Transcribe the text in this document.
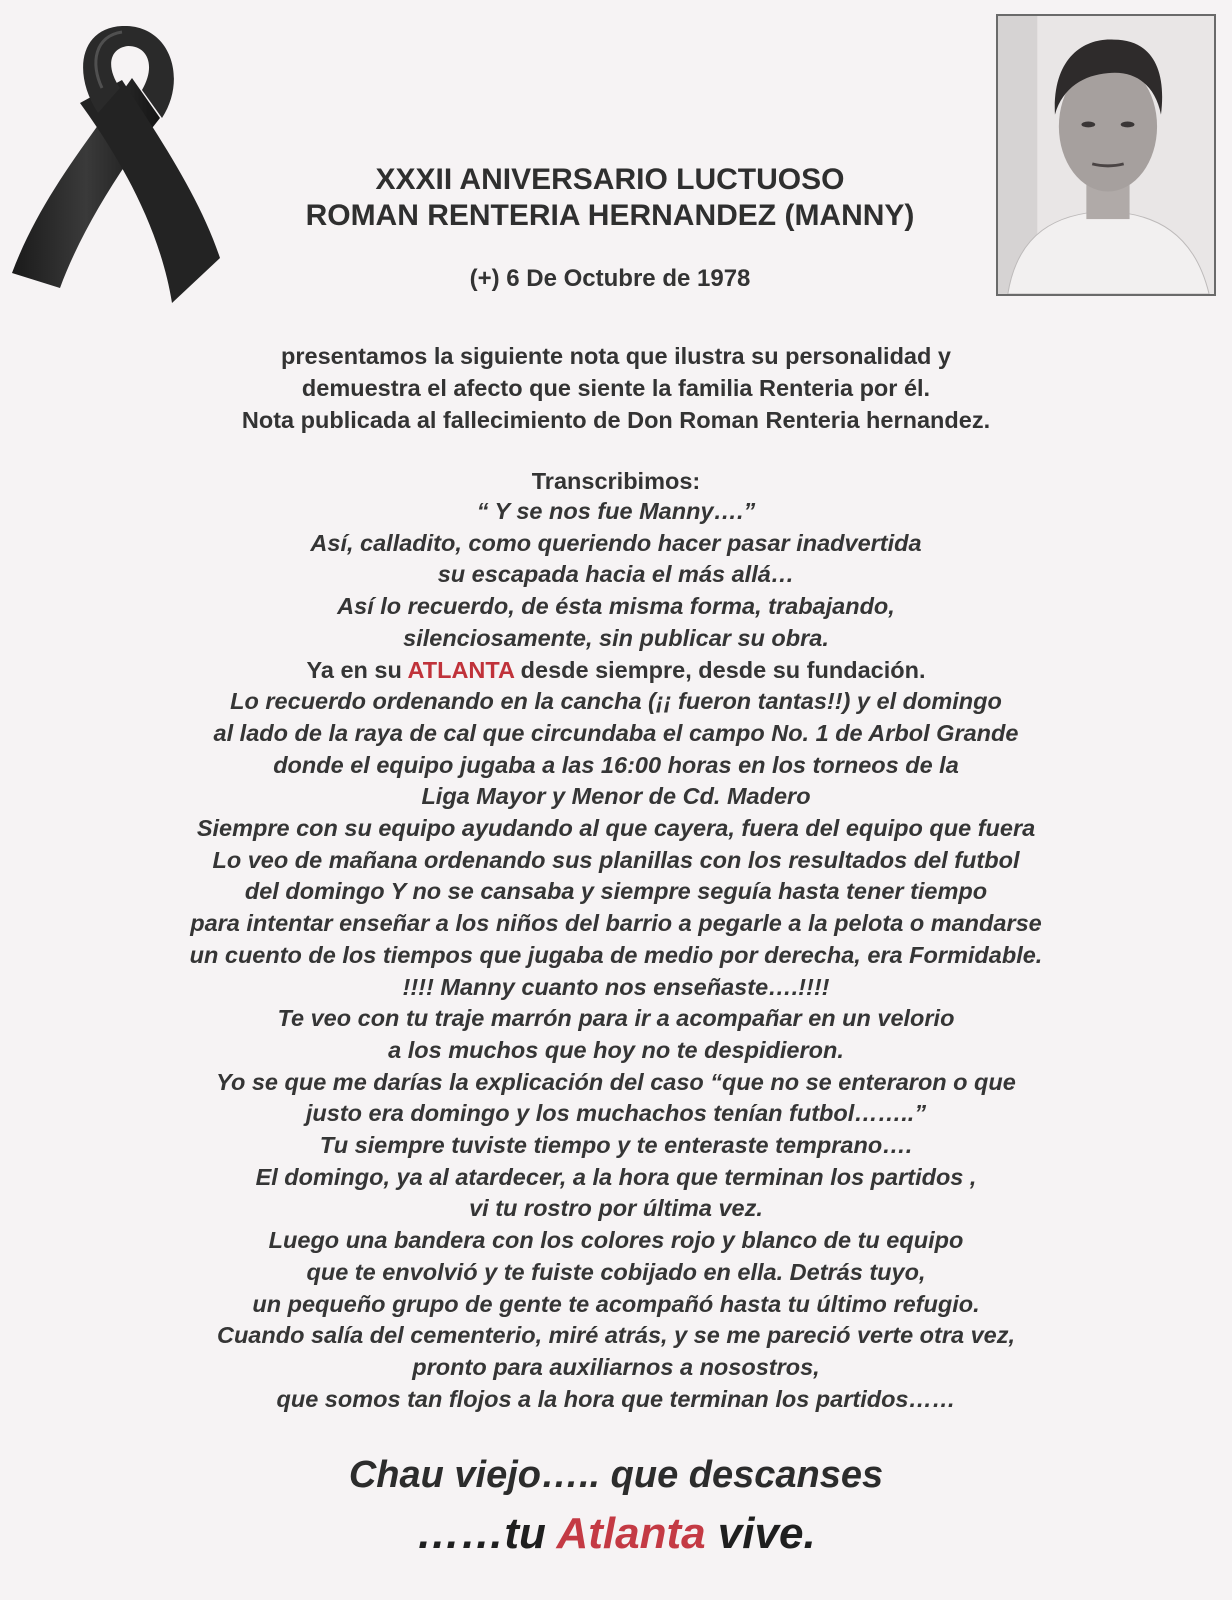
XXXII ANIVERSARIO LUCTUOSO
ROMAN RENTERIA HERNANDEZ (MANNY)
(+) 6 De Octubre de 1978
presentamos la siguiente nota que ilustra su personalidad y
demuestra el afecto que siente la familia Renteria por él.
Nota publicada al fallecimiento de Don Roman Renteria hernandez.
Transcribimos:
“ Y se nos fue Manny….”
Así, calladito, como queriendo hacer pasar inadvertida
su escapada hacia el más allá…
Así lo recuerdo, de ésta misma forma, trabajando,
silenciosamente, sin publicar su obra.
Ya en su ATLANTA desde siempre, desde su fundación.
Lo recuerdo ordenando en la cancha (¡¡ fueron tantas!!) y el domingo
al lado de la raya de cal que circundaba el campo No. 1 de Arbol Grande
donde el equipo jugaba a las 16:00 horas en los torneos de la
Liga Mayor y Menor de Cd. Madero
Siempre con su equipo ayudando al que cayera, fuera del equipo que fuera
Lo veo de mañana ordenando sus planillas con los resultados del futbol
del domingo Y no se cansaba y siempre seguía hasta tener tiempo
para intentar enseñar a los niños del barrio a pegarle a la pelota o mandarse
un cuento de los tiempos que jugaba de medio por derecha, era Formidable.
!!!! Manny cuanto nos enseñaste….!!!!
Te veo con tu traje marrón para ir a acompañar en un velorio
a los muchos que hoy no te despidieron.
Yo se que me darías la explicación del caso “que no se enteraron o que
justo era domingo y los muchachos tenían futbol……..”
Tu siempre tuviste tiempo y te enteraste temprano….
El domingo, ya al atardecer, a la hora que terminan los partidos ,
vi tu rostro por última vez.
Luego una bandera con los colores rojo y blanco de tu equipo
que te envolvió y te fuiste cobijado en ella. Detrás tuyo,
un pequeño grupo de gente te acompañó hasta tu último refugio.
Cuando salía del cementerio, miré atrás, y se me pareció verte otra vez,
pronto para auxiliarnos a nosostros,
que somos tan flojos a la hora que terminan los partidos……
Chau viejo….. que descanses
……tu Atlanta vive.
